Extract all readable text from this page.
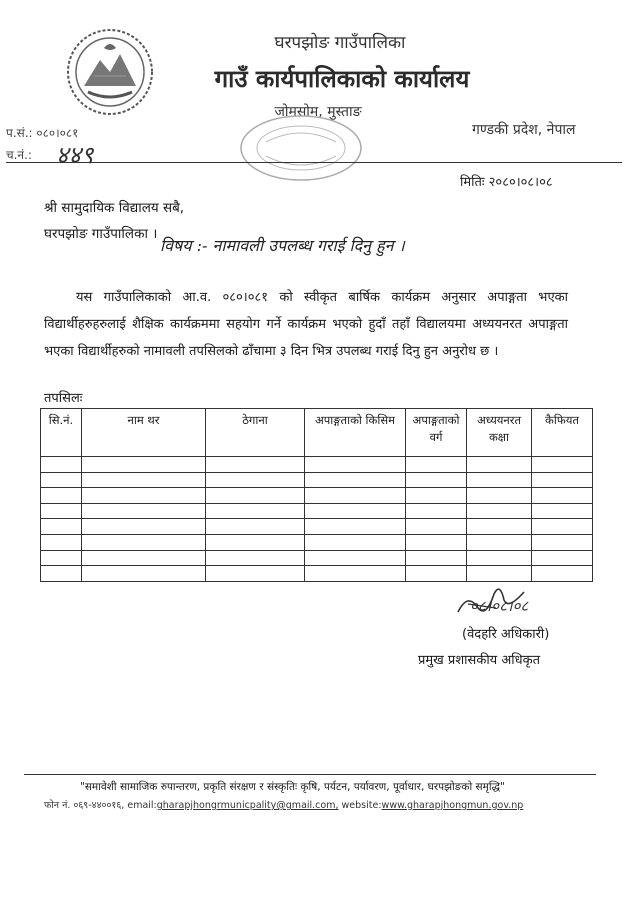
घरपझोङ गाउँपालिका
गाउँ कार्यपालिकाको कार्यालय
जोमसोम, मुस्ताङ
गण्डकी प्रदेश, नेपाल
प.सं.: ०८०।०८१
च.नं.: ४४९
मितिः २०८०।०८।०८
श्री सामुदायिक विद्यालय सबै,
घरपझोङ गाउँपालिका ।
विषय :- नामावली उपलब्ध गराई दिनु हुन ।
यस गाउँपालिकाको आ.व. ०८०।०८१ को स्वीकृत बार्षिक कार्यक्रम अनुसार अपाङ्गता भएका विद्यार्थीहरुहरुलाई शैक्षिक कार्यक्रममा सहयोग गर्ने कार्यक्रम भएको हुदाँ तहाँ विद्यालयमा अध्ययनरत अपाङ्गता भएका विद्यार्थीहरुको नामावली तपसिलको ढाँचामा ३ दिन भित्र उपलब्ध गराई दिनु हुन अनुरोध छ ।
तपसिलः
सि.नं.	नाम थर	ठेगाना	अपाङ्गताको किसिम	अपाङ्गताको वर्ग	अध्ययनरत कक्षा	कैफियत

०८।०८।०८
(वेदहरि अधिकारी)
प्रमुख प्रशासकीय अधिकृत
"समावेशी सामाजिक रुपान्तरण, प्रकृति संरक्षण र संस्कृतिः कृषि, पर्यटन, पर्यावरण, पूर्वाधार, घरपझोङको समृद्धि"
फोन नं. ०६९-४४००१६, email:gharapjhongrmunicpality@gmail.com, website:www.gharapjhongmun.gov.np
